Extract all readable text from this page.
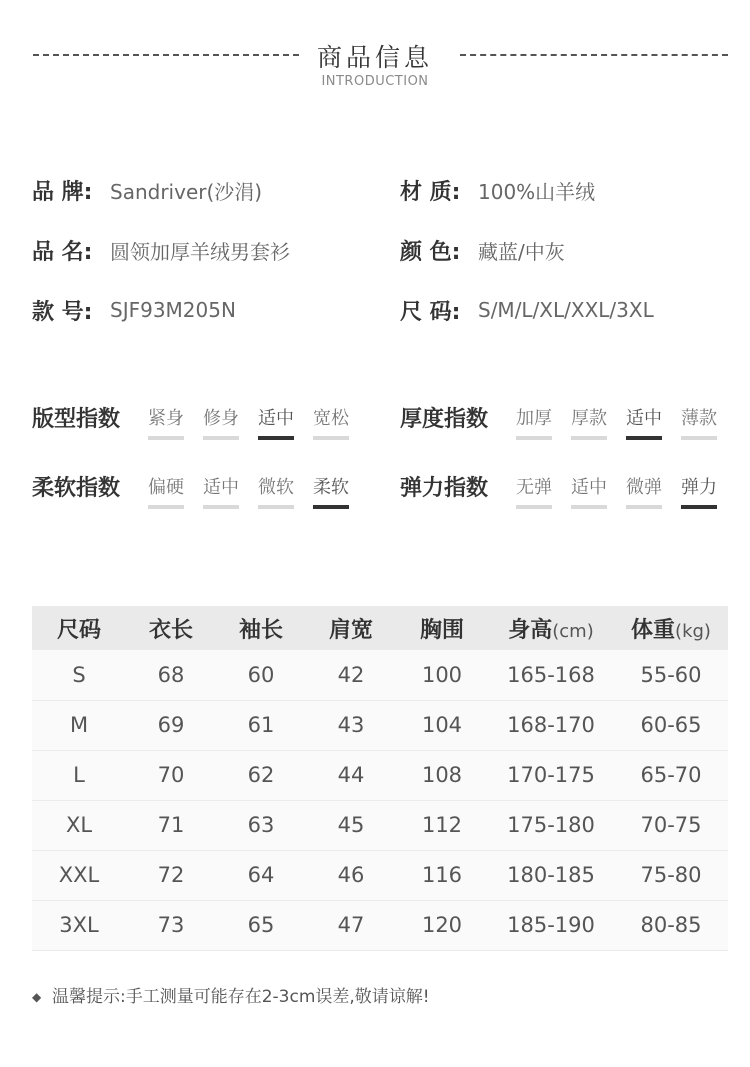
商品信息
INTRODUCTION
品 牌: Sandriver(沙涓)	材 质: 100%山羊绒
品 名: 圆领加厚羊绒男套衫	颜 色: 藏蓝/中灰
款 号: SJF93M205N	尺 码: S/M/L/XL/XXL/3XL
版型指数 紧身 修身 适中 宽松 厚度指数 加厚 厚款 适中 薄款
柔软指数 偏硬 适中 微软 柔软 弹力指数 无弹 适中 微弹 弹力
尺码	衣长	袖长	肩宽	胸围	身高(cm)	体重(kg)
S	68	60	42	100	165-168	55-60
M	69	61	43	104	168-170	60-65
L	70	62	44	108	170-175	65-70
XL	71	63	45	112	175-180	70-75
XXL	72	64	46	116	180-185	75-80
3XL	73	65	47	120	185-190	80-85
◆ 温馨提示:手工测量可能存在2-3cm误差,敬请谅解!
